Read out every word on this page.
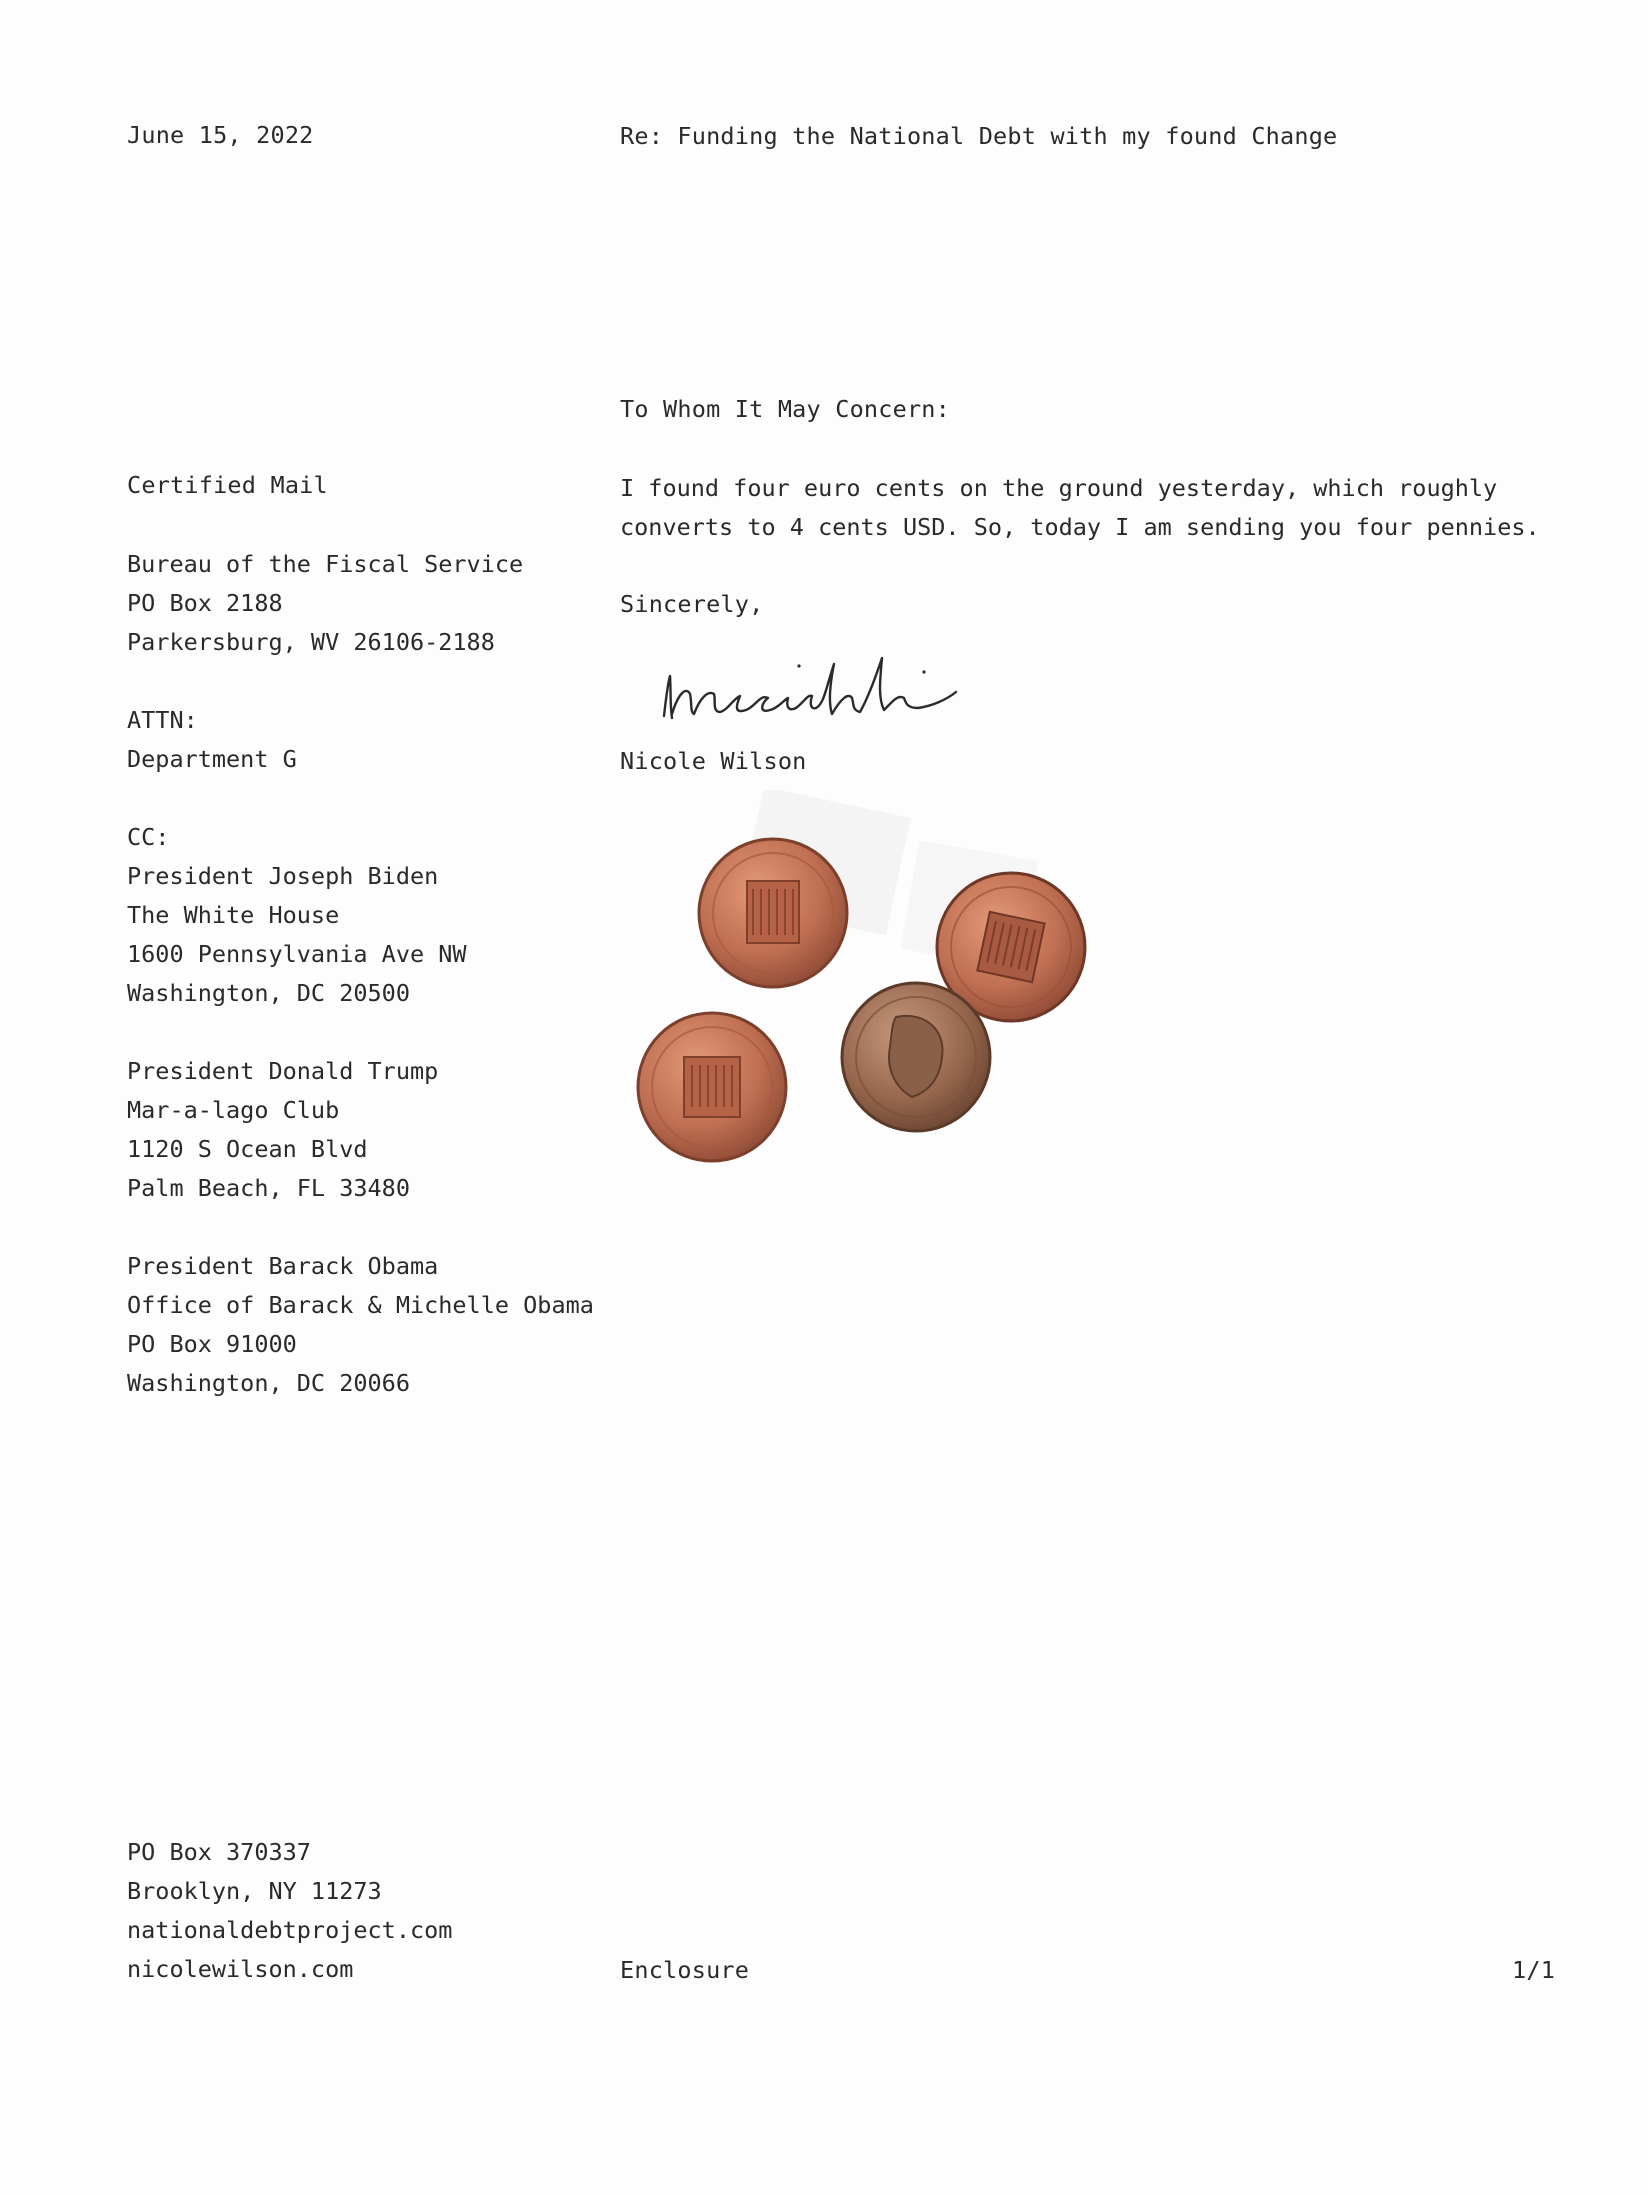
June 15, 2022	Re: Funding the National Debt with my found Change
Certified Mail
Bureau of the Fiscal Service
PO Box 2188
Parkersburg, WV 26106-2188
ATTN:
Department G
CC:
President Joseph Biden
The White House
1600 Pennsylvania Ave NW
Washington, DC 20500
President Donald Trump
Mar-a-lago Club
1120 S Ocean Blvd
Palm Beach, FL 33480
President Barack Obama
Office of Barack & Michelle Obama
PO Box 91000
Washington, DC 20066
To Whom It May Concern:
I found four euro cents on the ground yesterday, which roughly
converts to 4 cents USD. So, today I am sending you four pennies.
Sincerely,
Nicole Wilson
PO Box 370337
Brooklyn, NY 11273
nationaldebtproject.com
nicolewilson.com	Enclosure	1/1
